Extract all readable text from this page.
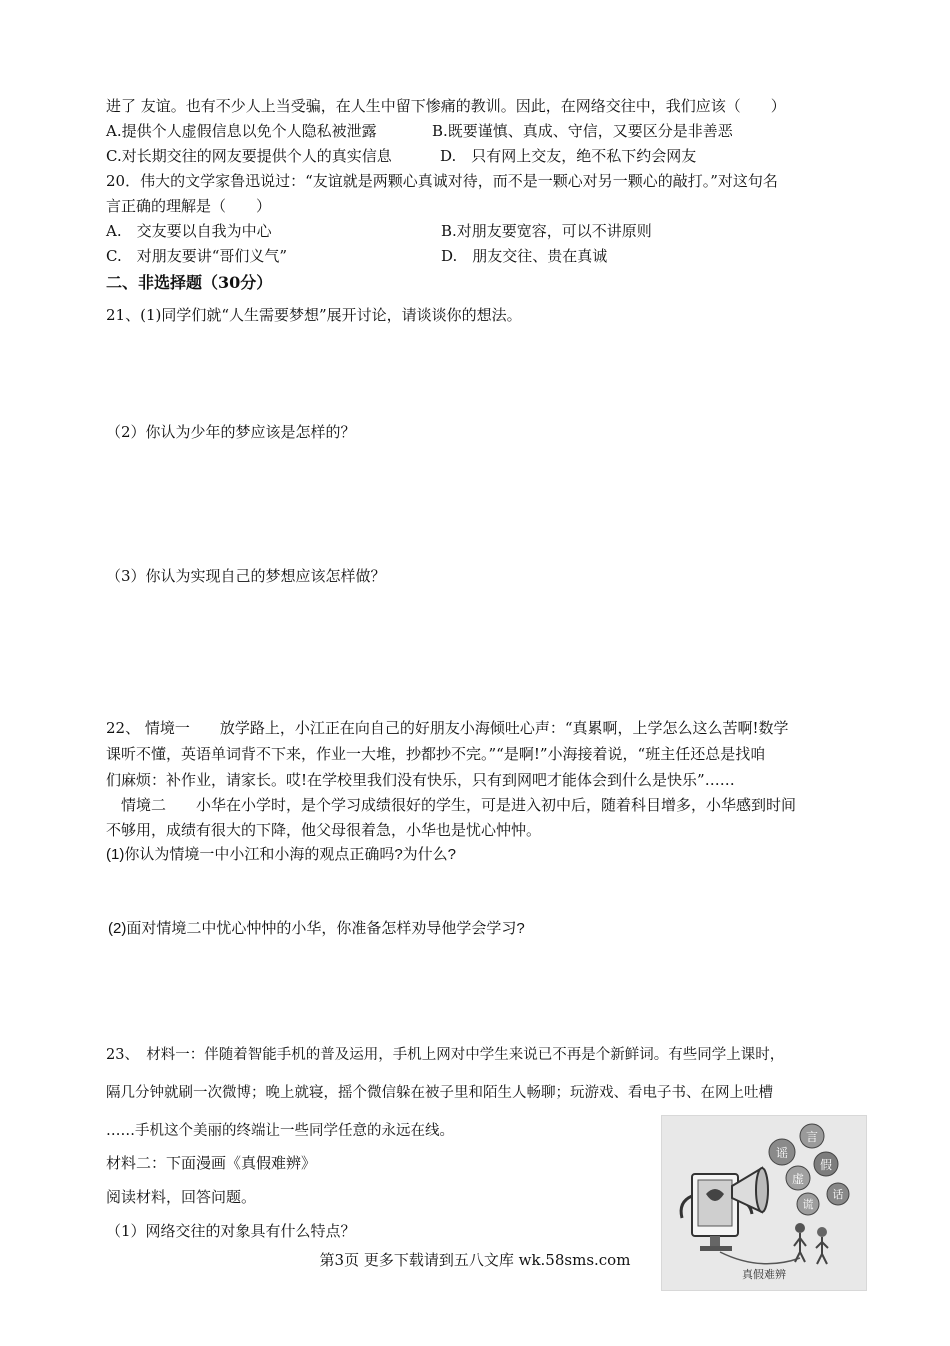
进了 友谊。也有不少人上当受骗，在人生中留下惨痛的教训。因此，在网络交往中，我们应该（　　）
A.提供个人虚假信息以免个人隐私被泄露	B.既要谨慎、真成、守信，又要区分是非善恶
C.对长期交往的网友要提供个人的真实信息	D.　只有网上交友，绝不私下约会网友
20．伟大的文学家鲁迅说过：“友谊就是两颗心真诚对待，而不是一颗心对另一颗心的敲打。”对这句名
言正确的理解是（　　）
A.　交友要以自我为中心	B.对朋友要宽容，可以不讲原则
C.　对朋友要讲“哥们义气”	D.　朋友交往、贵在真诚
二、非选择题（30分）
21、(1)同学们就“人生需要梦想”展开讨论，请谈谈你的想法。
（2）你认为少年的梦应该是怎样的？
（3）你认为实现自己的梦想应该怎样做？
22、 情境一　　放学路上，小江正在向自己的好朋友小海倾吐心声：“真累啊，上学怎么这么苦啊!数学
课听不懂，英语单词背不下来，作业一大堆，抄都抄不完。”“是啊!”小海接着说，“班主任还总是找咱
们麻烦：补作业，请家长。哎!在学校里我们没有快乐，只有到网吧才能体会到什么是快乐”……
　情境二　　小华在小学时，是个学习成绩很好的学生，可是进入初中后，随着科目增多，小华感到时间
不够用，成绩有很大的下降，他父母很着急，小华也是忧心忡忡。
(1)你认为情境一中小江和小海的观点正确吗?为什么?
(2)面对情境二中忧心忡忡的小华，你准备怎样劝导他学会学习?
23、　材料一：伴随着智能手机的普及运用，手机上网对中学生来说已不再是个新鲜词。有些同学上课时，
隔几分钟就刷一次微博；晚上就寝，摇个微信躲在被子里和陌生人畅聊；玩游戏、看电子书、在网上吐槽
……手机这个美丽的终端让一些同学任意的永远在线。
材料二：下面漫画《真假难辨》
阅读材料，回答问题。
（1）网络交往的对象具有什么特点？
谣
言
虚
假
谎
话
真假难辨
第3页 更多下载请到五八文库 wk.58sms.com
